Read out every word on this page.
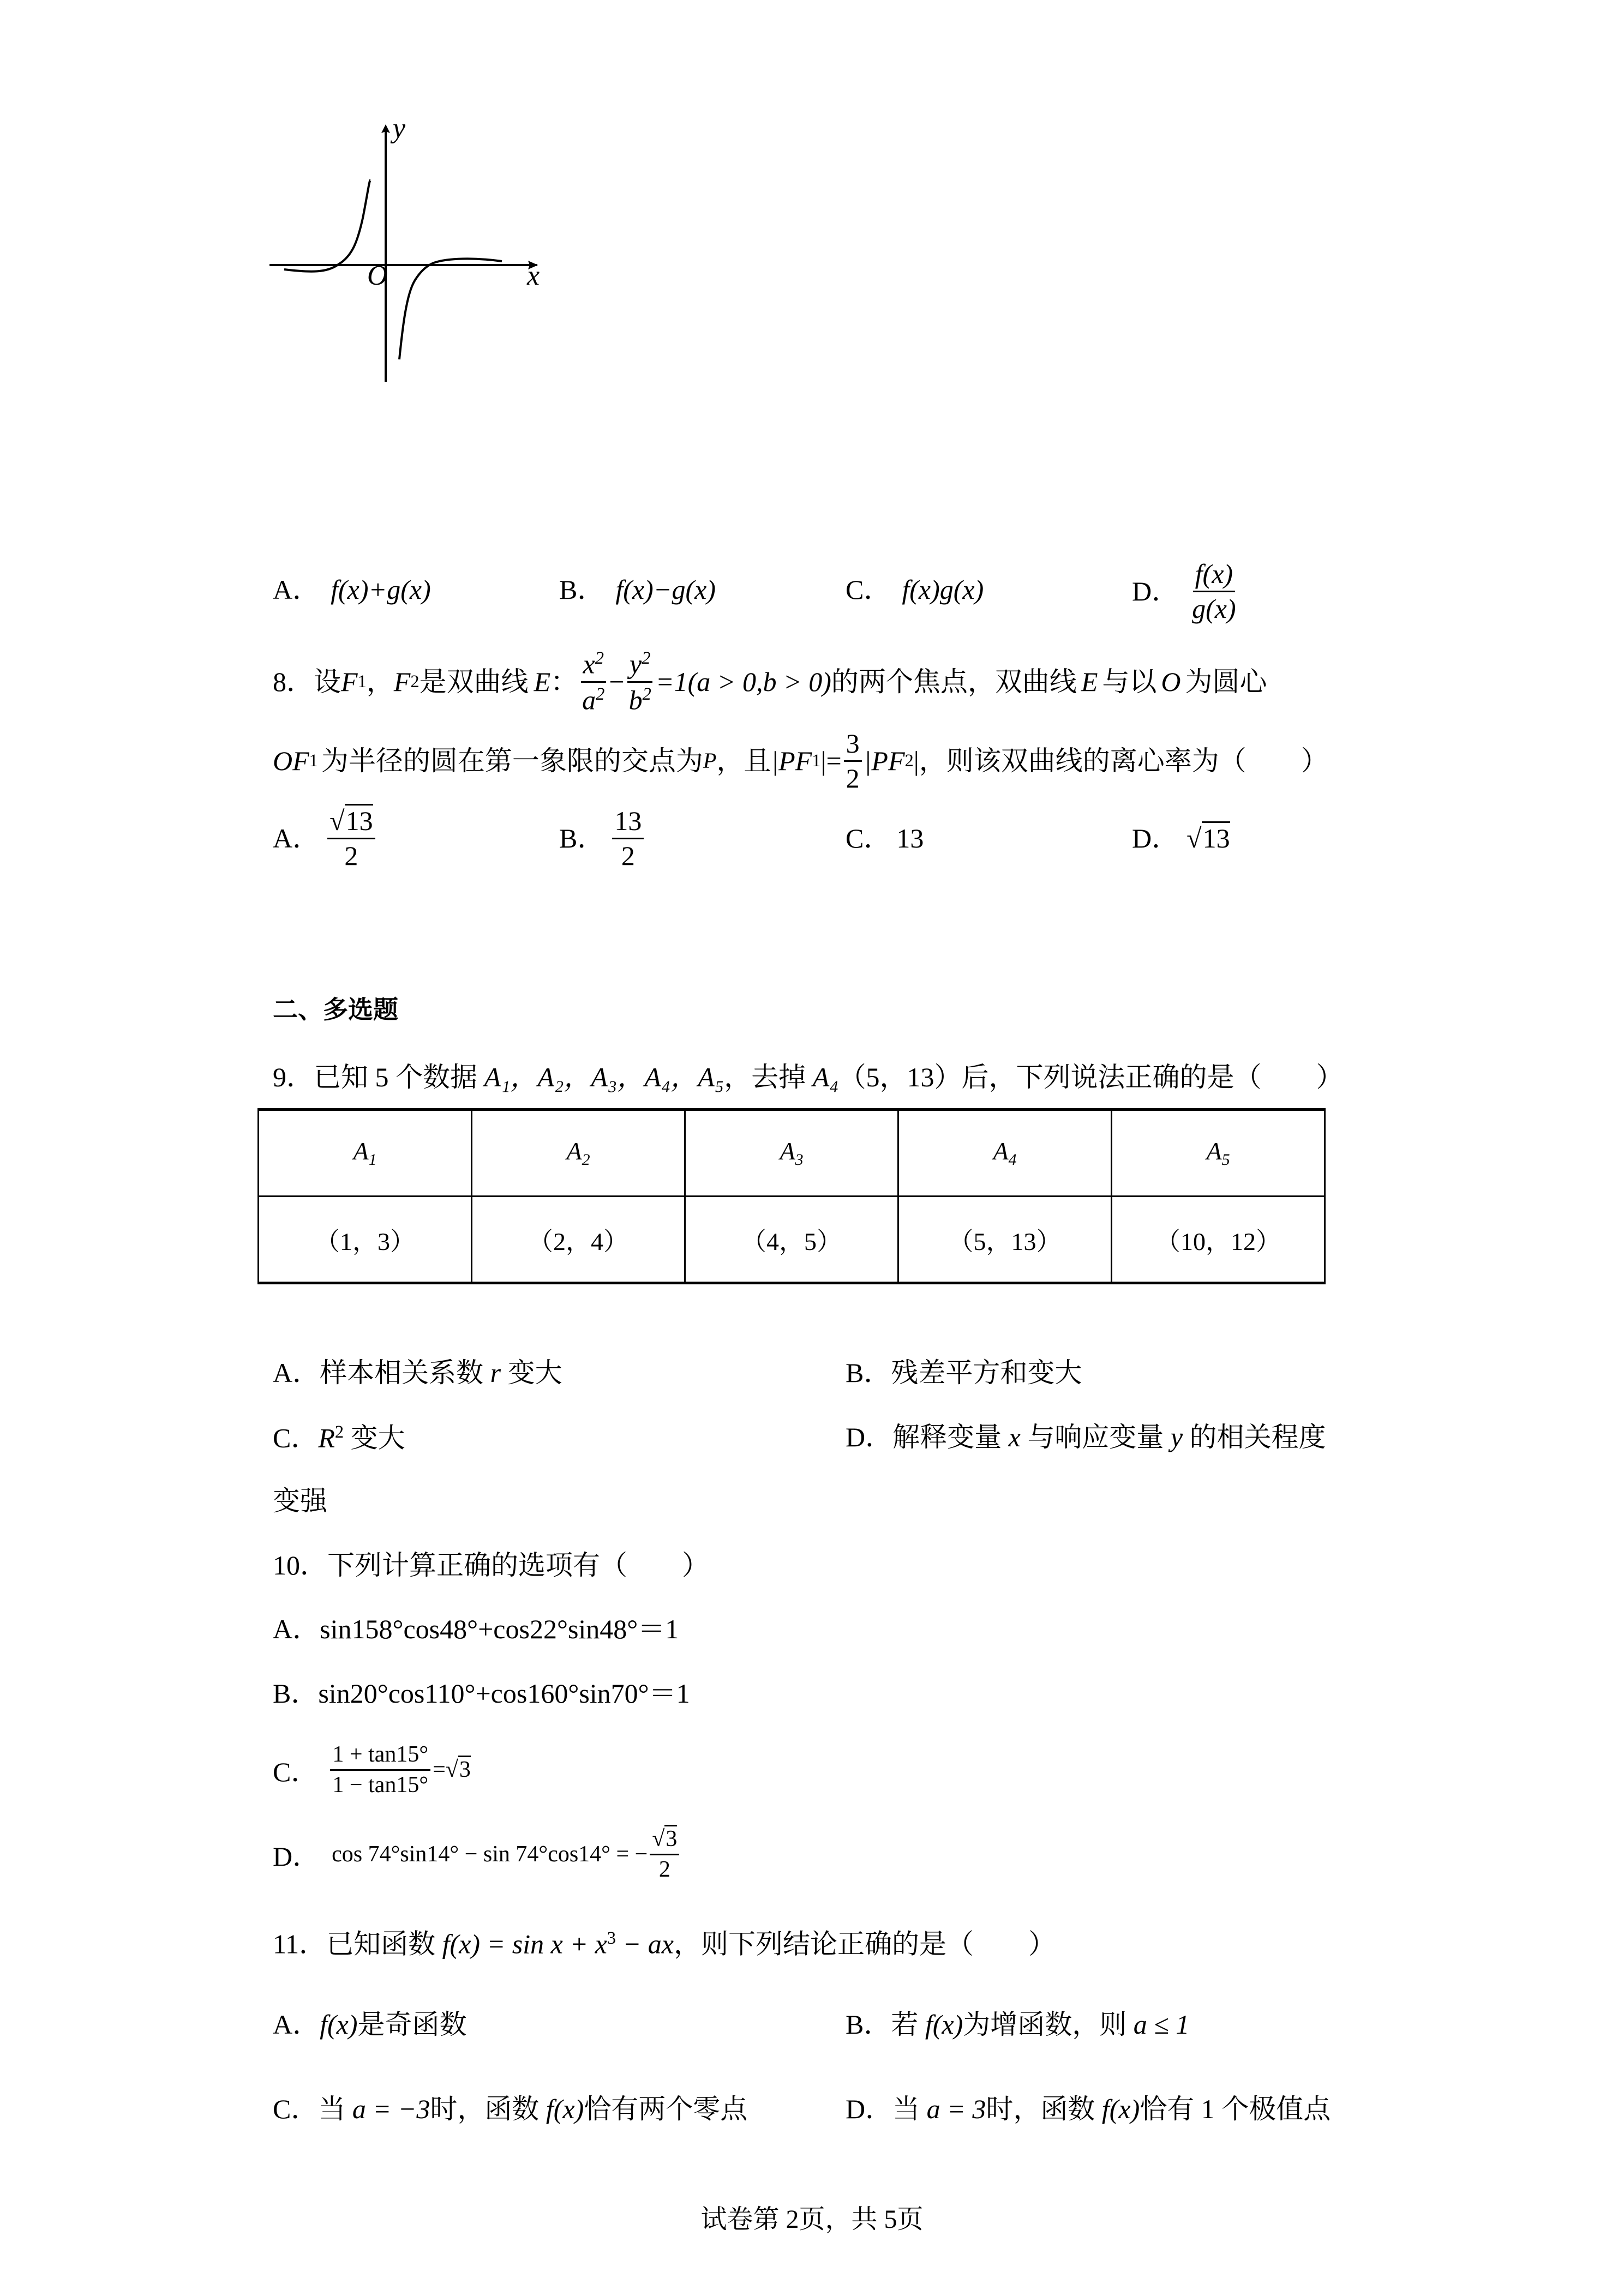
y
x
O
A． f(x)+g(x)	B． f(x)−g(x)	C． f(x)g(x)	D． $\frac{f(x)}{g(x)}$
8．设 F 1 ， F 2 是双曲线 E ： $\frac{x^2}{a^2} - \frac{y^2}{b^2} =1(a > 0,b > 0)$ 的两个焦点，双曲线 E 与以 O 为圆心
OF 1 为半径的圆在第一象限的交点为 P ，且 |PF 1 |= $\frac{3}{2} |PF$ 2 | ，则该双曲线的离心率为（　　）
A． $\frac{√13}{2}$	B． $\frac{13}{2}$	C． 13	D． √13
二、多选题
9．已知 5 个数据 A₁，A₂，A₃，A₄，A₅，去掉 A₄（5，13）后，下列说法正确的是（　　）
$A_1$	$A_2$	$A_3$	$A_4$	$A_5$
（1，3）	（2，4）	（4，5）	（5，13）	（10，12）
A．样本相关系数 r 变大	B．残差平方和变大
C．$R^2$ 变大	D．解释变量 x 与响应变量 y 的相关程度
变强
10．下列计算正确的选项有（　　）
A．sin158°cos48°+cos22°sin48°＝1
B．sin20°cos110°+cos160°sin70°＝1
C． $\frac{1 + \tan 15^\circ}{1 - \tan 15^\circ}$ = √ 3
D． cos 74°sin14° − sin 74°cos14° = − $\frac{√3}{2}$
11．已知函数 $f(x) = \sin x + x^3$ − ax，则下列结论正确的是（　　）
A．f(x)是奇函数	B．若 f(x)为增函数，则 a ≤ 1
C．当 a = −3时，函数 f(x)恰有两个零点	D．当 a = 3时，函数 f(x)恰有 1 个极值点
试卷第 2页，共 5页
